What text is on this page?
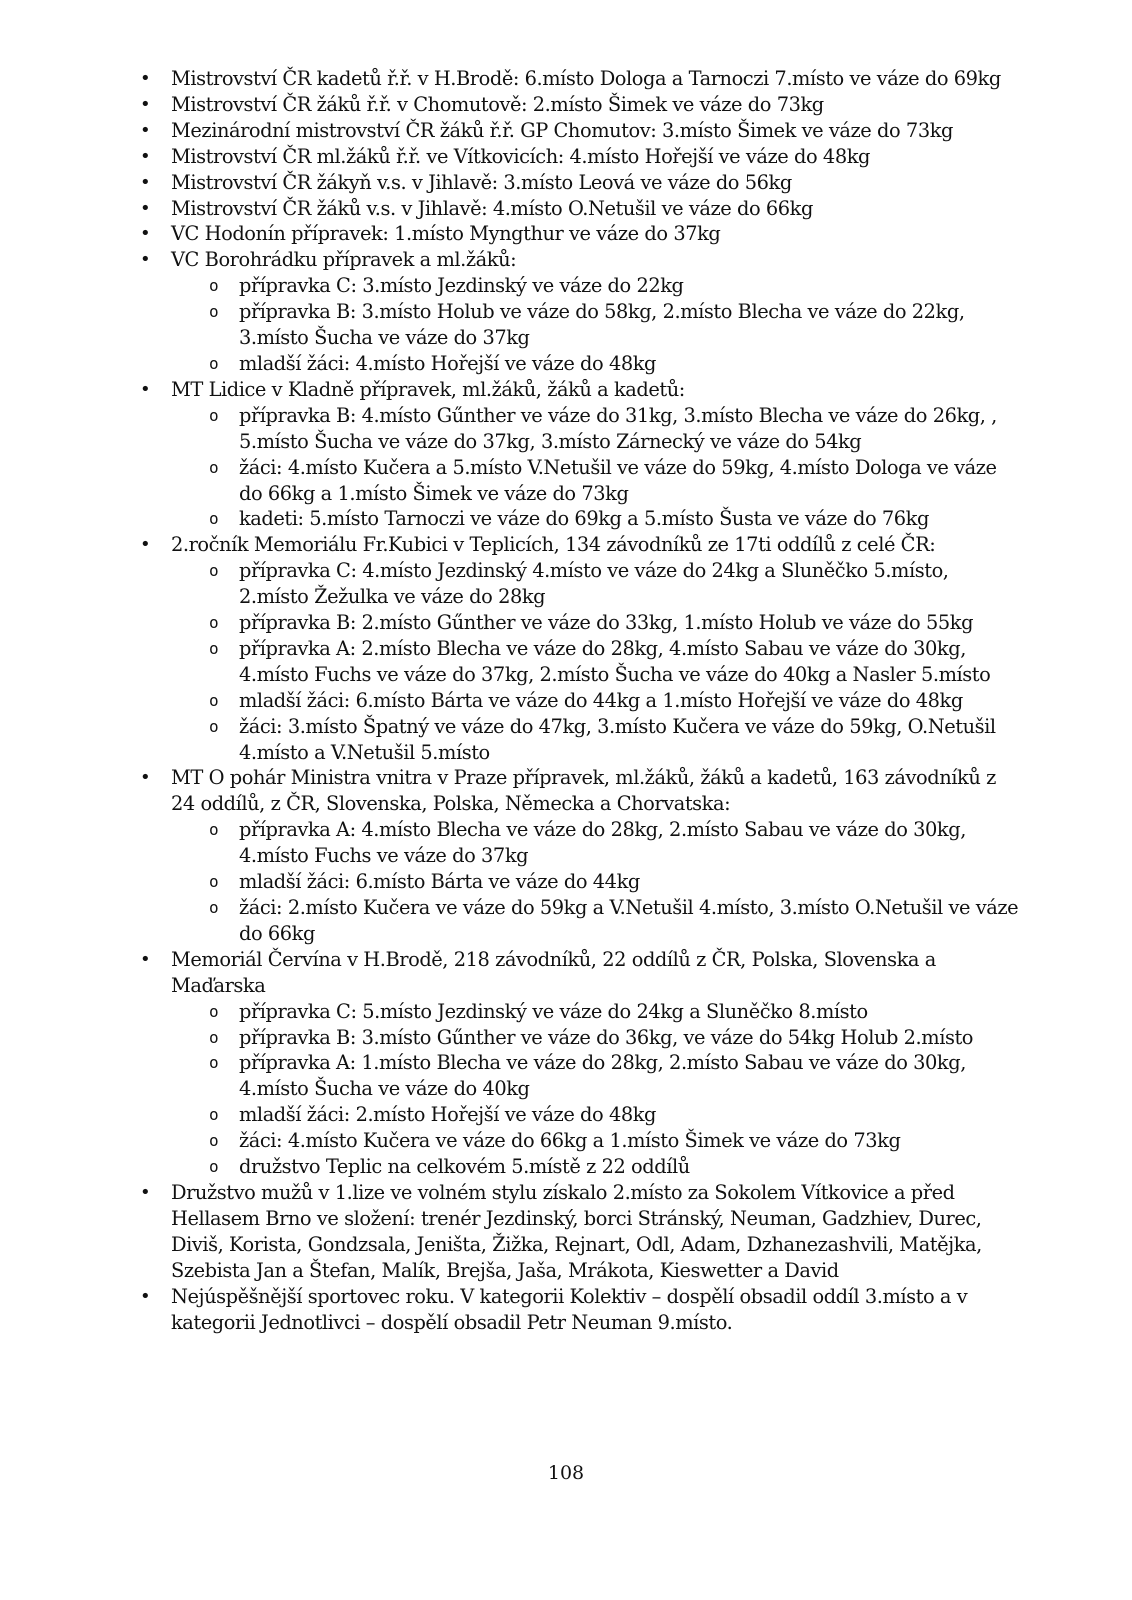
• Mistrovství ČR kadetů ř.ř. v H.Brodě: 6.místo Dologa a Tarnoczi 7.místo ve váze do 69kg
• Mistrovství ČR žáků ř.ř. v Chomutově: 2.místo Šimek ve váze do 73kg
• Mezinárodní mistrovství ČR žáků ř.ř. GP Chomutov: 3.místo Šimek ve váze do 73kg
• Mistrovství ČR ml.žáků ř.ř. ve Vítkovicích: 4.místo Hořejší ve váze do 48kg
• Mistrovství ČR žákyň v.s. v Jihlavě: 3.místo Leová ve váze do 56kg
• Mistrovství ČR žáků v.s. v Jihlavě: 4.místo O.Netušil ve váze do 66kg
• VC Hodonín přípravek: 1.místo Myngthur ve váze do 37kg
• VC Borohrádku přípravek a ml.žáků:
o přípravka C: 3.místo Jezdinský ve váze do 22kg
o přípravka B: 3.místo Holub ve váze do 58kg, 2.místo Blecha ve váze do 22kg, 3.místo Šucha ve váze do 37kg
o mladší žáci: 4.místo Hořejší ve váze do 48kg
• MT Lidice v Kladně přípravek, ml.žáků, žáků a kadetů:
o přípravka B: 4.místo Gűnther ve váze do 31kg, 3.místo Blecha ve váze do 26kg, , 5.místo Šucha ve váze do 37kg, 3.místo Zárnecký ve váze do 54kg
o žáci: 4.místo Kučera a 5.místo V.Netušil ve váze do 59kg, 4.místo Dologa ve váze do 66kg a 1.místo Šimek ve váze do 73kg
o kadeti: 5.místo Tarnoczi ve váze do 69kg a 5.místo Šusta ve váze do 76kg
• 2.ročník Memoriálu Fr.Kubici v Teplicích, 134 závodníků ze 17ti oddílů z celé ČR:
o přípravka C: 4.místo Jezdinský 4.místo ve váze do 24kg a Sluněčko 5.místo, 2.místo Žežulka ve váze do 28kg
o přípravka B: 2.místo Gűnther ve váze do 33kg, 1.místo Holub ve váze do 55kg
o přípravka A: 2.místo Blecha ve váze do 28kg, 4.místo Sabau ve váze do 30kg, 4.místo Fuchs ve váze do 37kg, 2.místo Šucha ve váze do 40kg a Nasler 5.místo
o mladší žáci: 6.místo Bárta ve váze do 44kg a 1.místo Hořejší ve váze do 48kg
o žáci: 3.místo Špatný ve váze do 47kg, 3.místo Kučera ve váze do 59kg, O.Netušil 4.místo a V.Netušil 5.místo
• MT O pohár Ministra vnitra v Praze přípravek, ml.žáků, žáků a kadetů, 163 závodníků z 24 oddílů, z ČR, Slovenska, Polska, Německa a Chorvatska:
o přípravka A: 4.místo Blecha ve váze do 28kg, 2.místo Sabau ve váze do 30kg, 4.místo Fuchs ve váze do 37kg
o mladší žáci: 6.místo Bárta ve váze do 44kg
o žáci: 2.místo Kučera ve váze do 59kg a V.Netušil 4.místo, 3.místo O.Netušil ve váze do 66kg
• Memoriál Červína v H.Brodě, 218 závodníků, 22 oddílů z ČR, Polska, Slovenska a Maďarska
o přípravka C: 5.místo Jezdinský ve váze do 24kg a Sluněčko 8.místo
o přípravka B: 3.místo Gűnther ve váze do 36kg, ve váze do 54kg Holub 2.místo
o přípravka A: 1.místo Blecha ve váze do 28kg, 2.místo Sabau ve váze do 30kg, 4.místo Šucha ve váze do 40kg
o mladší žáci: 2.místo Hořejší ve váze do 48kg
o žáci: 4.místo Kučera ve váze do 66kg a 1.místo Šimek ve váze do 73kg
o družstvo Teplic na celkovém 5.místě z 22 oddílů
• Družstvo mužů v 1.lize ve volném stylu získalo 2.místo za Sokolem Vítkovice a před Hellasem Brno ve složení: trenér Jezdinský, borci Stránský, Neuman, Gadzhiev, Durec, Diviš, Korista, Gondzsala, Jeništa, Žižka, Rejnart, Odl, Adam, Dzhanezashvili, Matějka, Szebista Jan a Štefan, Malík, Brejša, Jaša, Mrákota, Kieswetter a David
• Nejúspěšnější sportovec roku. V kategorii Kolektiv – dospělí obsadil oddíl 3.místo a v kategorii Jednotlivci – dospělí obsadil Petr Neuman 9.místo.
108
